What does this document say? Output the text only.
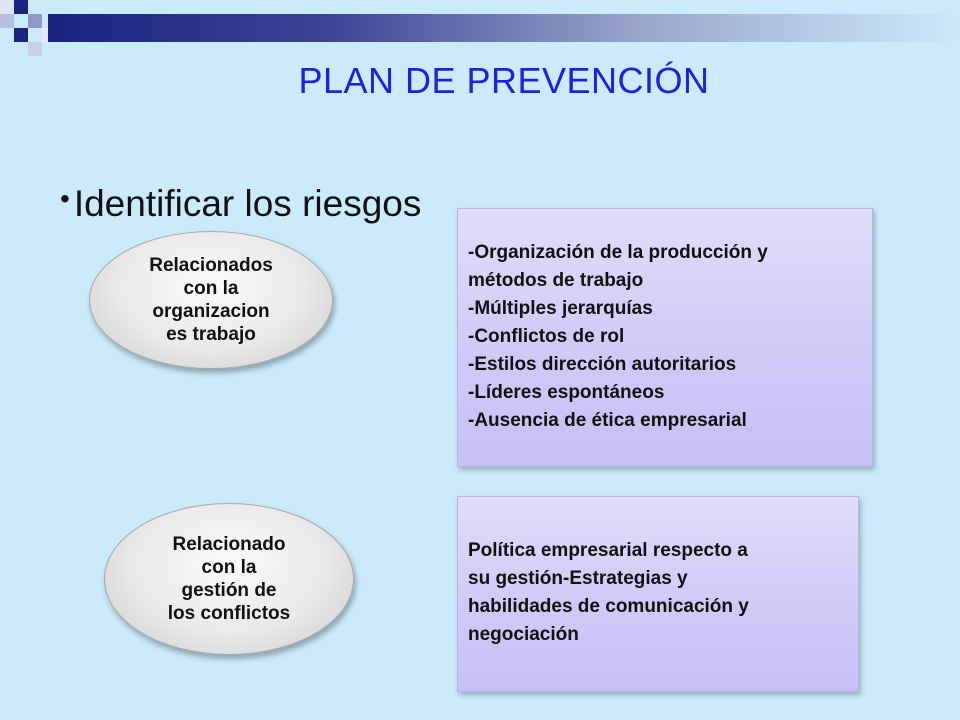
PLAN DE PREVENCIÓN
• Identificar los riesgos
Relacionados
con la
organizacion
es trabajo
-Organización de la producción y
métodos de trabajo
-Múltiples jerarquías
-Conflictos de rol
-Estilos dirección autoritarios
-Líderes espontáneos
-Ausencia de ética empresarial
Relacionado
con la
gestión de
los conflictos
Política empresarial respecto a
su gestión-Estrategias y
habilidades de comunicación y
negociación
